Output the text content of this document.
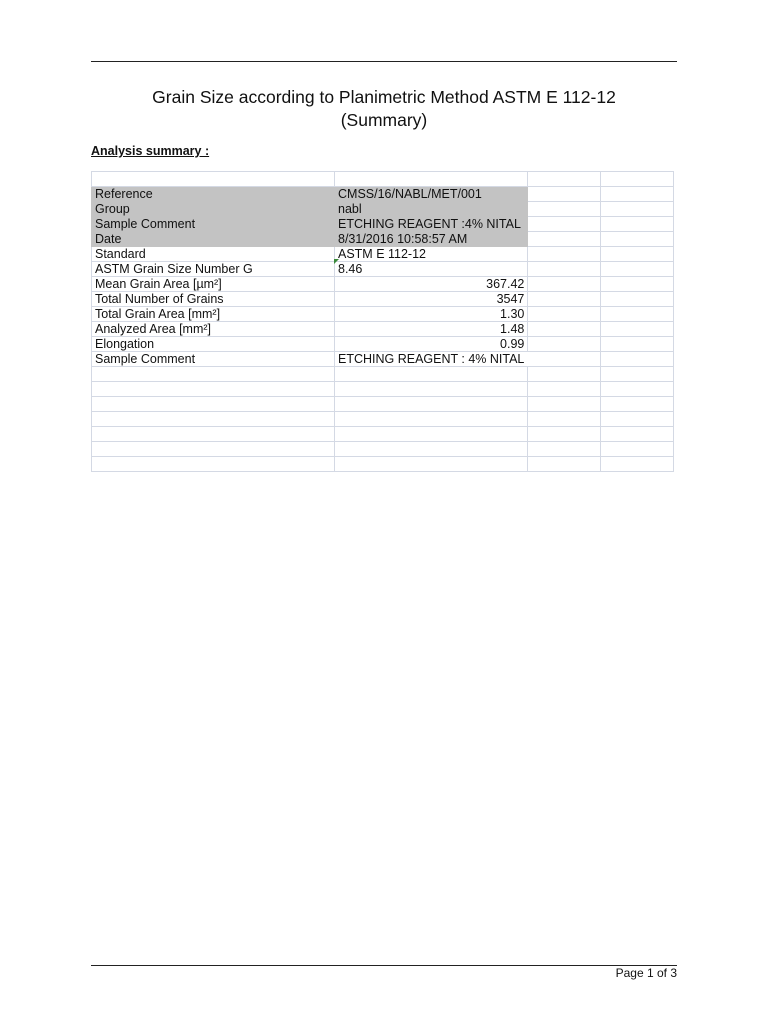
Grain Size according to Planimetric Method ASTM E 112-12
(Summary)
Analysis summary :

Reference	CMSS/16/NABL/MET/001		
Group	nabl		
Sample Comment	ETCHING REAGENT :4% NITAL		
Date	8/31/2016 10:58:57 AM		
Standard	ASTM E 112-12		
ASTM Grain Size Number G	8.46		
Mean Grain Area [µm²]	367.42		
Total Number of Grains	3547		
Total Grain Area [mm²]	1.30		
Analyzed Area [mm²]	1.48		
Elongation	0.99		
Sample Comment	ETCHING REAGENT : 4% NITAL		

Page 1 of 3
